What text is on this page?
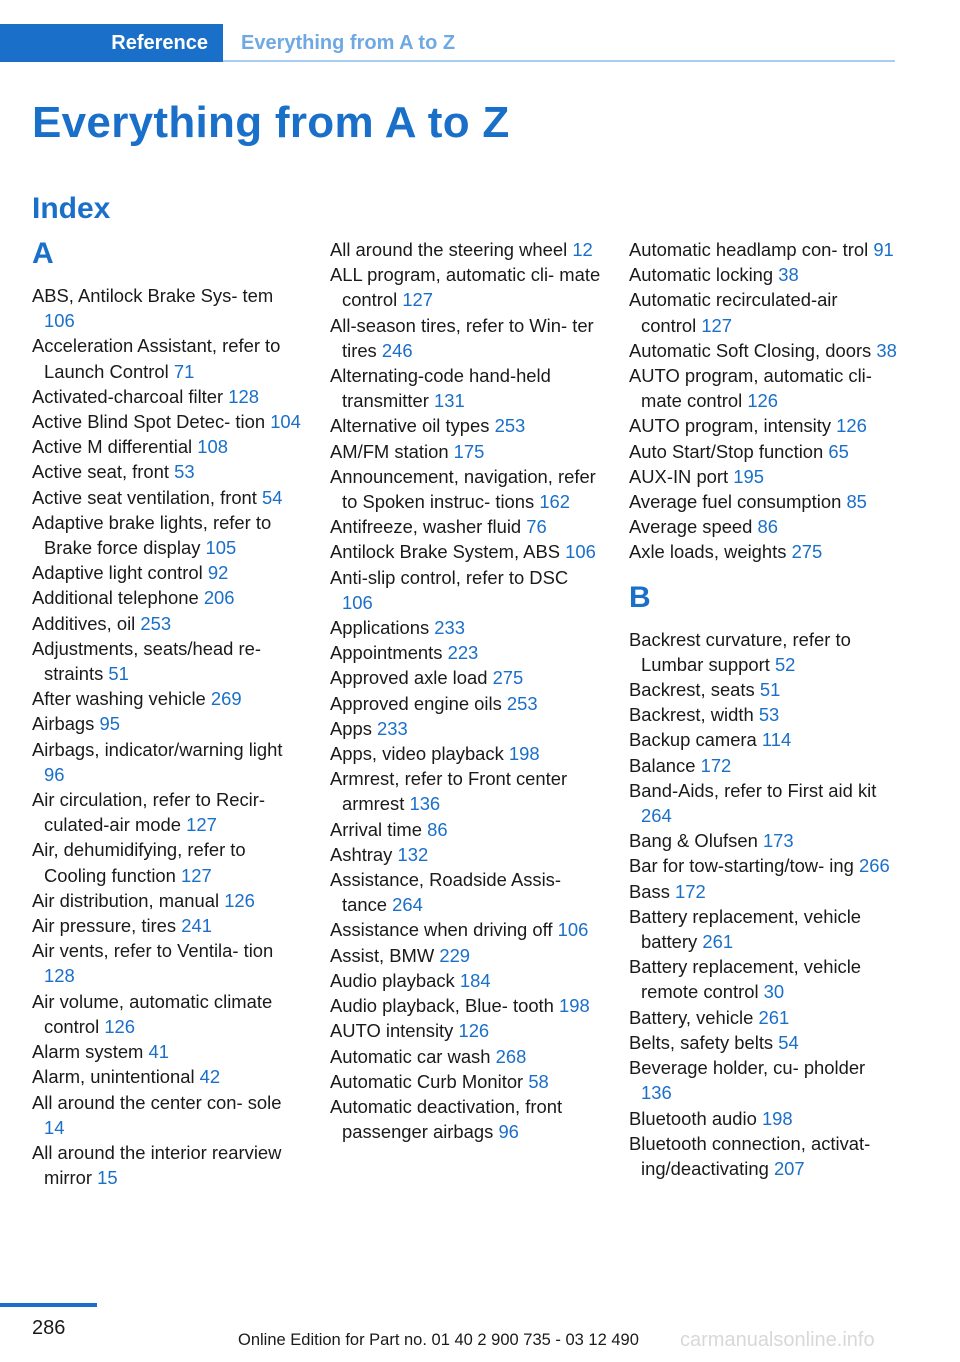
Reference	Everything from A to Z
Everything from A to Z
Index
A

ABS, Antilock Brake Sys‐ tem 106

Acceleration Assistant, refer to Launch Control 71

Activated-charcoal filter 128

Active Blind Spot Detec‐ tion 104

Active M differential 108

Active seat, front 53

Active seat ventilation, front 54

Adaptive brake lights, refer to Brake force display 105

Adaptive light control 92

Additional telephone 206

Additives, oil 253

Adjustments, seats/head re‐ straints 51

After washing vehicle 269

Airbags 95

Airbags, indicator/warning light 96

Air circulation, refer to Recir‐ culated-air mode 127

Air, dehumidifying, refer to Cooling function 127

Air distribution, manual 126

Air pressure, tires 241

Air vents, refer to Ventila‐ tion 128

Air volume, automatic climate control 126

Alarm system 41

Alarm, unintentional 42

All around the center con‐ sole 14

All around the interior rearview mirror 15

All around the steering wheel 12

ALL program, automatic cli‐ mate control 127

All-season tires, refer to Win‐ ter tires 246

Alternating-code hand-held transmitter 131

Alternative oil types 253

AM/FM station 175

Announcement, navigation, refer to Spoken instruc‐ tions 162

Antifreeze, washer fluid 76

Antilock Brake System, ABS 106

Anti-slip control, refer to DSC 106

Applications 233

Appointments 223

Approved axle load 275

Approved engine oils 253

Apps 233

Apps, video playback 198

Armrest, refer to Front center armrest 136

Arrival time 86

Ashtray 132

Assistance, Roadside Assis‐ tance 264

Assistance when driving off 106

Assist, BMW 229

Audio playback 184

Audio playback, Blue‐ tooth 198

AUTO intensity 126

Automatic car wash 268

Automatic Curb Monitor 58

Automatic deactivation, front passenger airbags 96

Automatic headlamp con‐ trol 91

Automatic locking 38

Automatic recirculated-air control 127

Automatic Soft Closing, doors 38

AUTO program, automatic cli‐ mate control 126

AUTO program, intensity 126

Auto Start/Stop function 65

AUX-IN port 195

Average fuel consumption 85

Average speed 86

Axle loads, weights 275

B

Backrest curvature, refer to Lumbar support 52

Backrest, seats 51

Backrest, width 53

Backup camera 114

Balance 172

Band-Aids, refer to First aid kit 264

Bang & Olufsen 173

Bar for tow-starting/tow‐ ing 266

Bass 172

Battery replacement, vehicle battery 261

Battery replacement, vehicle remote control 30

Battery, vehicle 261

Belts, safety belts 54

Beverage holder, cu‐ pholder 136

Bluetooth audio 198

Bluetooth connection, activat‐ ing/deactivating 207

286
Online Edition for Part no. 01 40 2 900 735 - 03 12 490 carmanualsonline.info
